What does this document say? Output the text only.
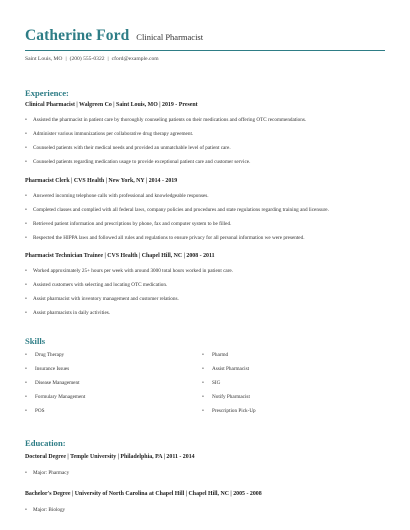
Catherine Ford Clinical Pharmacist
Saint Louis, MO | (200) 555-0322 | cford@example.com
Experience:
Clinical Pharmacist | Walgreen Co | Saint Louis, MO | 2019 - Present
• Assisted the pharmacist in patient care by thoroughly counseling patients on their medications and offering OTC recommendations.
• Administer various immunizations per collaborative drug therapy agreement.
• Counseled patients with their medical needs and provided an unmatchable level of patient care.
• Counseled patients regarding medication usage to provide exceptional patient care and customer service.
Pharmacist Clerk | CVS Health | New York, NY | 2014 - 2019
• Answered incoming telephone calls with professional and knowledgeable responses.
• Completed classes and complied with all federal laws, company policies and procedures and state regulations regarding training and licensure.
• Retrieved patient information and prescriptions by phone, fax and computer system to be filled.
• Respected the HIPPA laws and followed all rules and regulations to ensure privacy for all personal information we were presented.
Pharmacist Technician Trainee | CVS Health | Chapel Hill, NC | 2008 - 2011
• Worked approximately 25+ hours per week with around 3000 total hours worked in patient care.
• Assisted customers with selecting and locating OTC medication.
• Assist pharmacist with inventory management and customer relations.
• Assist pharmacists in daily activities.
Skills
• Drug Therapy
• Insurance Issues
• Disease Management
• Formulary Management
• POS
• Pharmd
• Assist Pharmacist
• SIG
• Notify Pharmacist
• Prescription Pick-Up
Education:
Doctoral Degree | Temple University | Philadelphia, PA | 2011 - 2014
• Major: Pharmacy
Bachelor's Degree | University of North Carolina at Chapel Hill | Chapel Hill, NC | 2005 - 2008
• Major: Biology
